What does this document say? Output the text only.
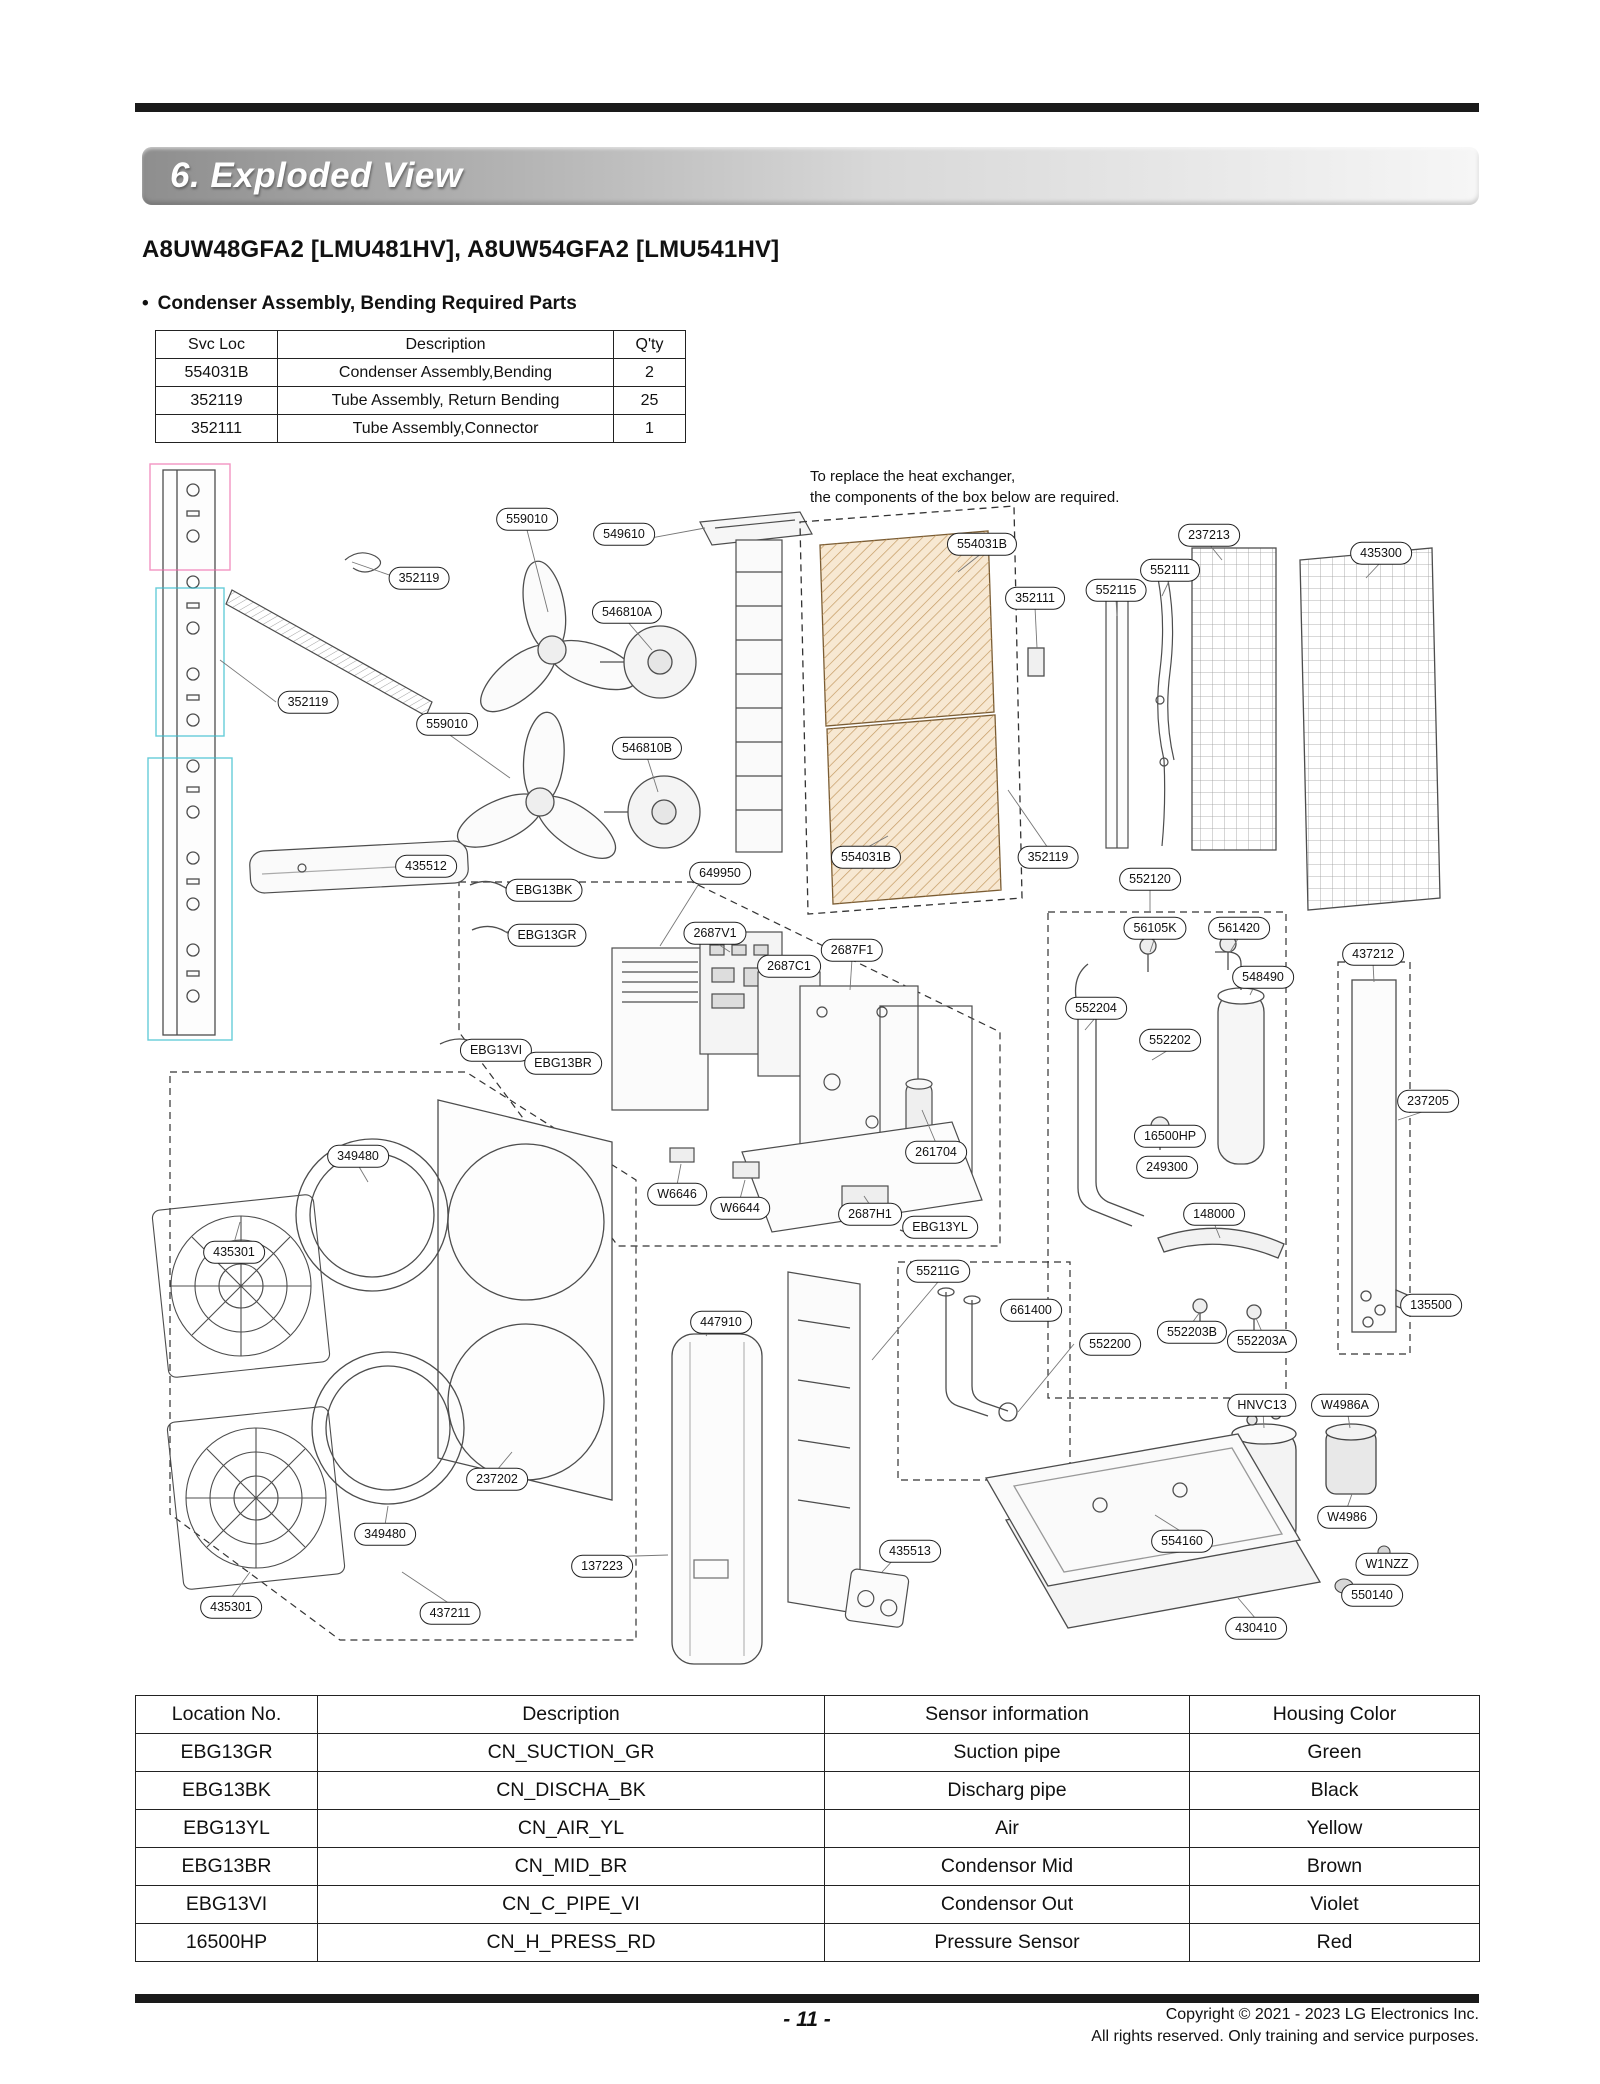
6. Exploded View
A8UW48GFA2 [LMU481HV], A8UW54GFA2 [LMU541HV]
• Condenser Assembly, Bending Required Parts
Svc Loc	Description	Q'ty
554031B	Condenser Assembly,Bending	2
352119	Tube Assembly, Return Bending	25
352111	Tube Assembly,Connector	1
To replace the heat exchanger,
the components of the box below are required.
559010
549610
352119
546810A
352119
559010
546810B
435512
EBG13BK
649950
EBG13GR	2687V1
2687C1
2687F1
554031B
352111
552115
552111
237213
435300
554031B	352119
552120
56105K	561420
548490
437212
552204
552202
16500HP
249300
237205
261704
EBG13VI
EBG13BR
W6646
W6644	2687H1
EBG13YL
349480
435301
55211G
661400
552200
148000
552203B
552203A
135500
447910
HNVC13	W4986A
W4986
237202
349480
435301	437211
137223
435513
554160
W1NZZ
550140
430410
Location No.	Description	Sensor information	Housing Color
EBG13GR	CN_SUCTION_GR	Suction pipe	Green
EBG13BK	CN_DISCHA_BK	Discharg pipe	Black
EBG13YL	CN_AIR_YL	Air	Yellow
EBG13BR	CN_MID_BR	Condensor Mid	Brown
EBG13VI	CN_C_PIPE_VI	Condensor Out	Violet
16500HP	CN_H_PRESS_RD	Pressure Sensor	Red
- 11 -	Copyright © 2021 - 2023 LG Electronics Inc.
All rights reserved. Only training and service purposes.
